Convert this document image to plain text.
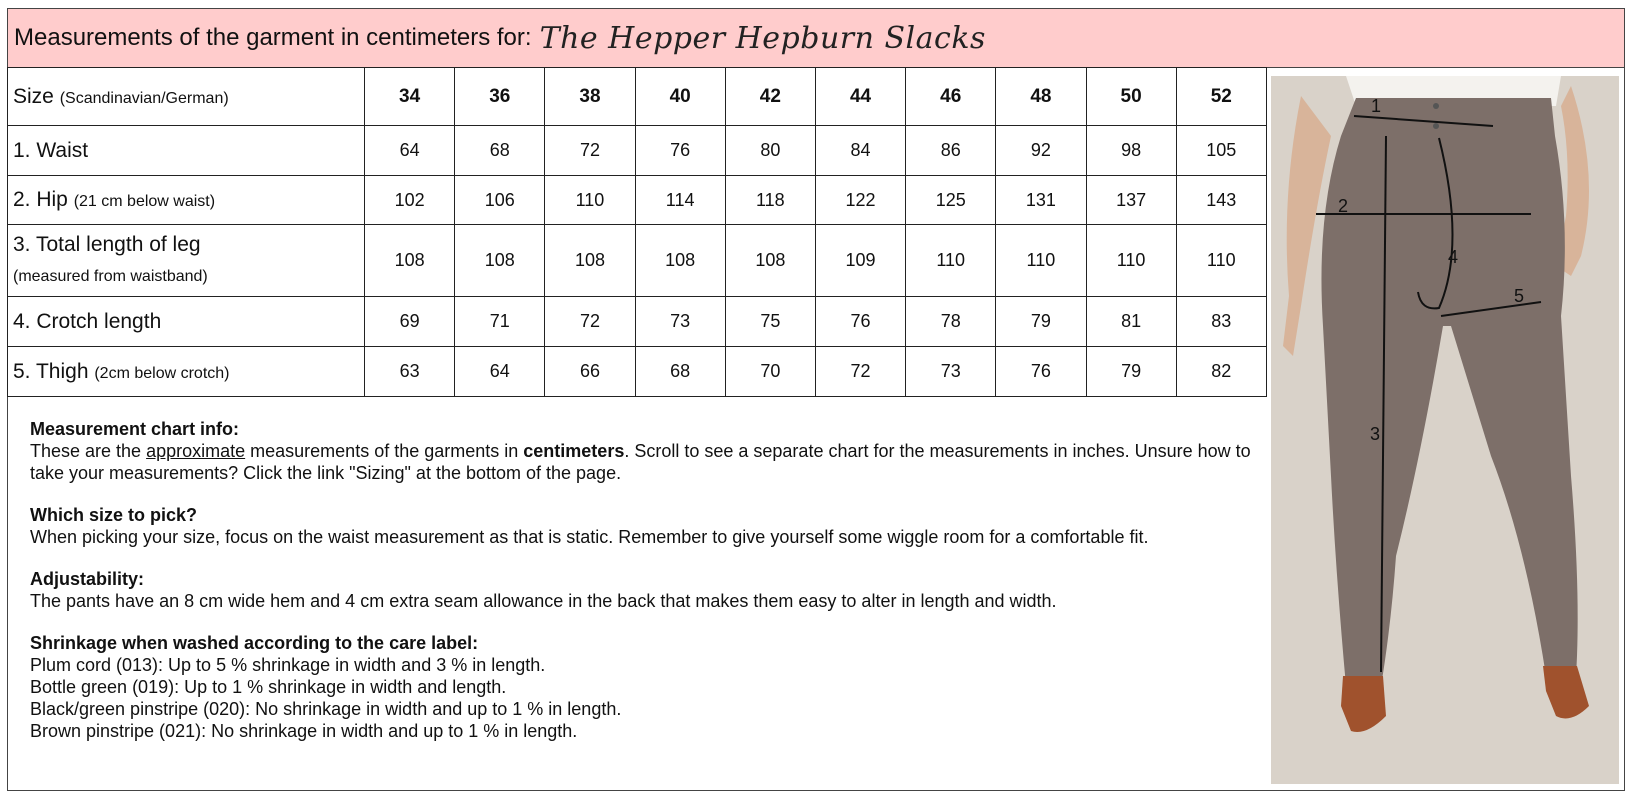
Measurements of the garment in centimeters for: The Hepper Hepburn Slacks
Size (Scandinavian/German)	34	36	38	40	42	44	46	48	50	52
1. Waist	64	68	72	76	80	84	86	92	98	105
2. Hip (21 cm below waist)	102	106	110	114	118	122	125	131	137	143

3. Total length of leg
(measured from waistband)	108	108	108	108	108	109	110	110	110	110
4. Crotch length	69	71	72	73	75	76	78	79	81	83
5. Thigh (2cm below crotch)	63	64	66	68	70	72	73	76	79	82
Measurement chart info:
These are the approximate measurements of the garments in centimeters. Scroll to see a separate chart for the measurements in inches. Unsure how to take your measurements? Click the link "Sizing" at the bottom of the page.
Which size to pick?
When picking your size, focus on the waist measurement as that is static. Remember to give yourself some wiggle room for a comfortable fit.
Adjustability:
The pants have an 8 cm wide hem and 4 cm extra seam allowance in the back that makes them easy to alter in length and width.
Shrinkage when washed according to the care label:
Plum cord (013): Up to 5 % shrinkage in width and 3 % in length.
Bottle green (019): Up to 1 % shrinkage in width and length.
Black/green pinstripe (020): No shrinkage in width and up to 1 % in length.
Brown pinstripe (021): No shrinkage in width and up to 1 % in length.
1
2
3
4
5
